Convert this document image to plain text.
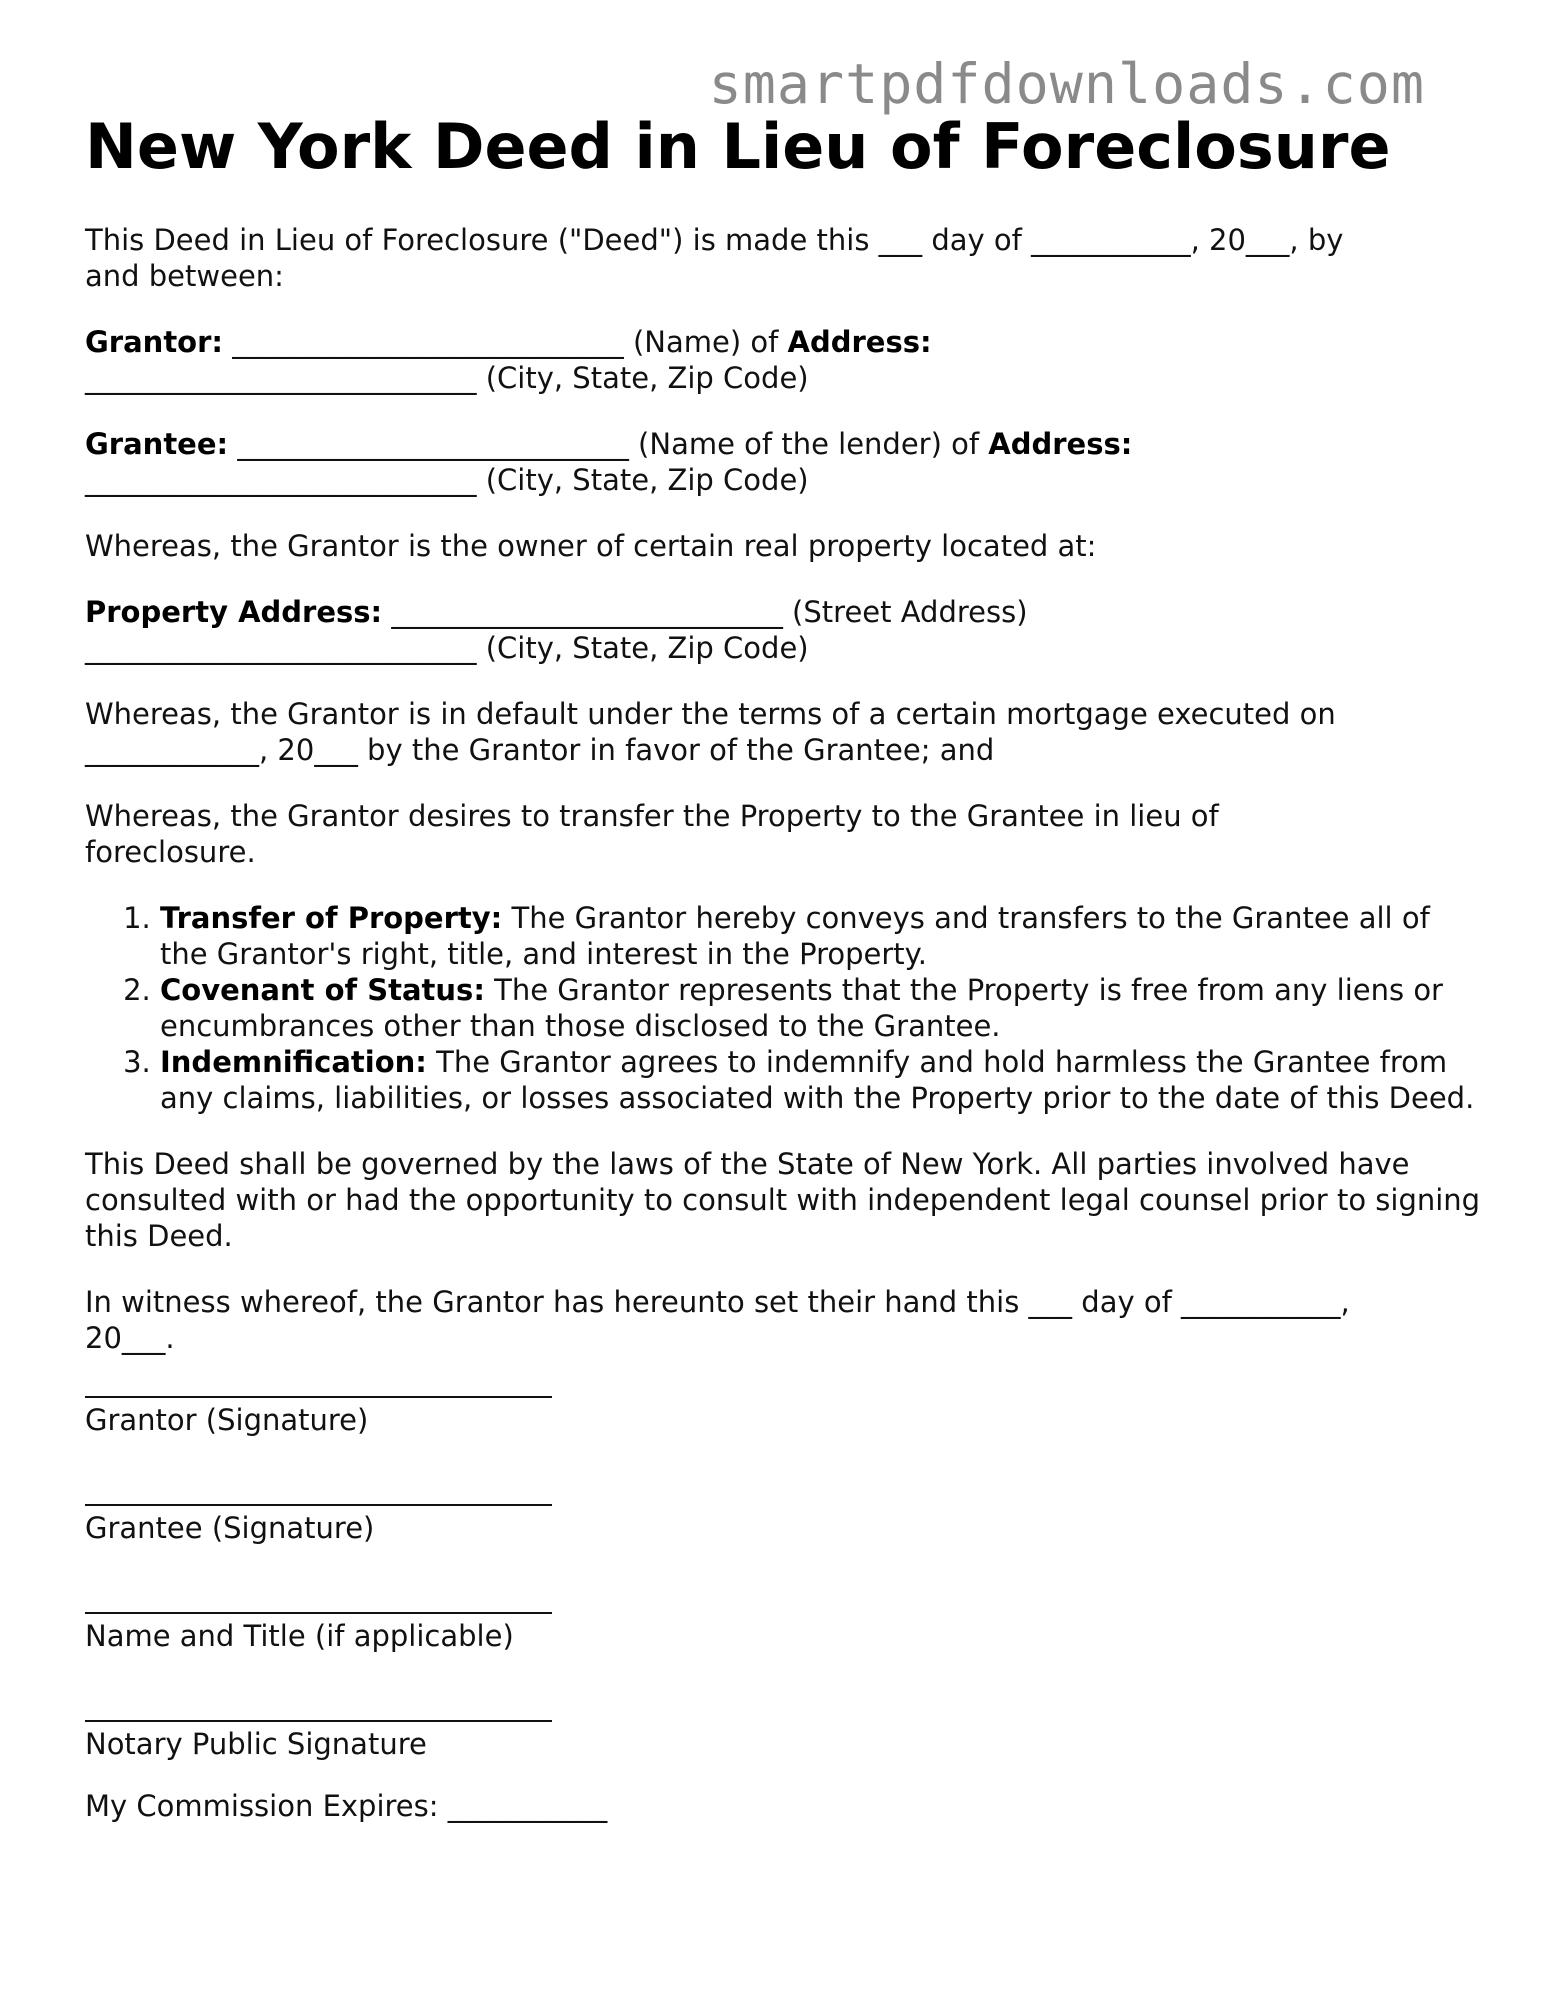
smartpdfdownloads.com
New York Deed in Lieu of Foreclosure

This Deed in Lieu of Foreclosure ("Deed") is made this ___ day of ___________, 20___, by
and between:

Grantor: ___________________________ (Name) of Address:
___________________________ (City, State, Zip Code)

Grantee: ___________________________ (Name of the lender) of Address:
___________________________ (City, State, Zip Code)

Whereas, the Grantor is the owner of certain real property located at:

Property Address: ___________________________ (Street Address)
___________________________ (City, State, Zip Code)

Whereas, the Grantor is in default under the terms of a certain mortgage executed on ____________, 20___ by the Grantor in favor of the Grantee; and

Whereas, the Grantor desires to transfer the Property to the Grantee in lieu of foreclosure.

1. Transfer of Property: The Grantor hereby conveys and transfers to the Grantee all of the Grantor's right, title, and interest in the Property.
2. Covenant of Status: The Grantor represents that the Property is free from any liens or encumbrances other than those disclosed to the Grantee.
3. Indemnification: The Grantor agrees to indemnify and hold harmless the Grantee from any claims, liabilities, or losses associated with the Property prior to the date of this Deed.

This Deed shall be governed by the laws of the State of New York. All parties involved have consulted with or had the opportunity to consult with independent legal counsel prior to signing this Deed.

In witness whereof, the Grantor has hereunto set their hand this ___ day of ___________, 20___.

Grantor (Signature)
Grantee (Signature)
Name and Title (if applicable)
Notary Public Signature
My Commission Expires: ___________
